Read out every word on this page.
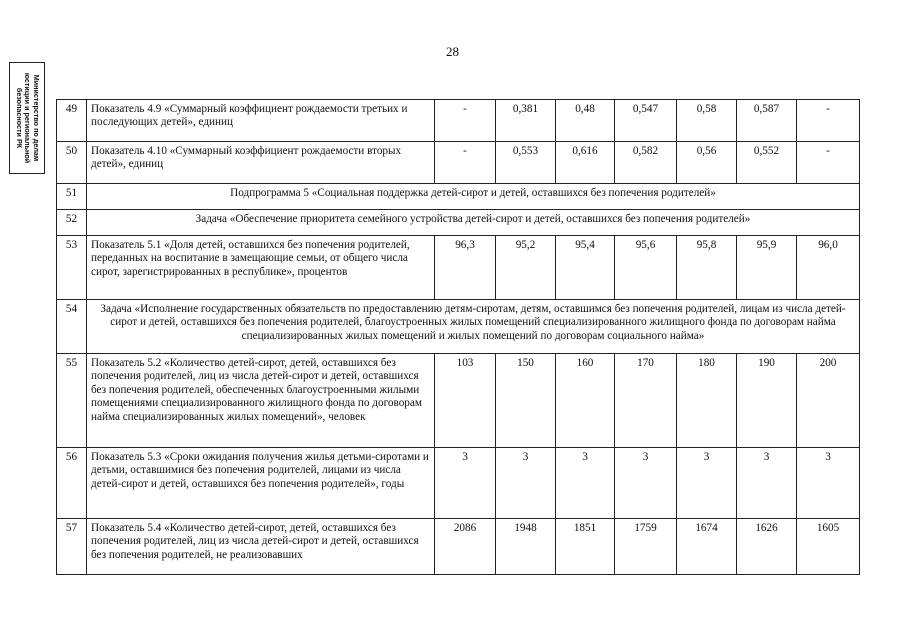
28
Министерство по делам
юстиции и региональной
безопасности РК	49	Показатель 4.9 «Суммарный коэффициент рождаемости третьих и последующих детей», единиц	-	0,381	0,48	0,547	0,58	0,587	-
50	Показатель 4.10 «Суммарный коэффициент рождаемости вторых детей», единиц	-	0,553	0,616	0,582	0,56	0,552	-
51	Подпрограмма 5 «Социальная поддержка детей-сирот и детей, оставшихся без попечения родителей»							
52	Задача «Обеспечение приоритета семейного устройства детей-сирот и детей, оставшихся без попечения родителей»							
53	Показатель 5.1 «Доля детей, оставшихся без попечения родителей, переданных на воспитание в замещающие семьи, от общего числа сирот, зарегистрированных в республике», процентов	96,3	95,2	95,4	95,6	95,8	95,9	96,0
54	Задача «Исполнение государственных обязательств по предоставлению детям-сиротам, детям, оставшимся без попечения родителей, лицам из числа детей-сирот и детей, оставшихся без попечения родителей, благоустроенных жилых помещений специализированного жилищного фонда по договорам найма специализированных жилых помещений и жилых помещений по договорам социального найма»							
55	Показатель 5.2 «Количество детей-сирот, детей, оставшихся без попечения родителей, лиц из числа детей-сирот и детей, оставшихся без попечения родителей, обеспеченных благоустроенными жилыми помещениями специализированного жилищного фонда по договорам найма специализированных жилых помещений», человек	103	150	160	170	180	190	200
56	Показатель 5.3 «Сроки ожидания получения жилья детьми-сиротами и детьми, оставшимися без попечения родителей, лицами из числа детей-сирот и детей, оставшихся без попечения родителей», годы	3	3	3	3	3	3	3
57	Показатель 5.4 «Количество детей-сирот, детей, оставшихся без попечения родителей, лиц из числа детей-сирот и детей, оставшихся без попечения родителей, не реализовавших	2086	1948	1851	1759	1674	1626	1605
